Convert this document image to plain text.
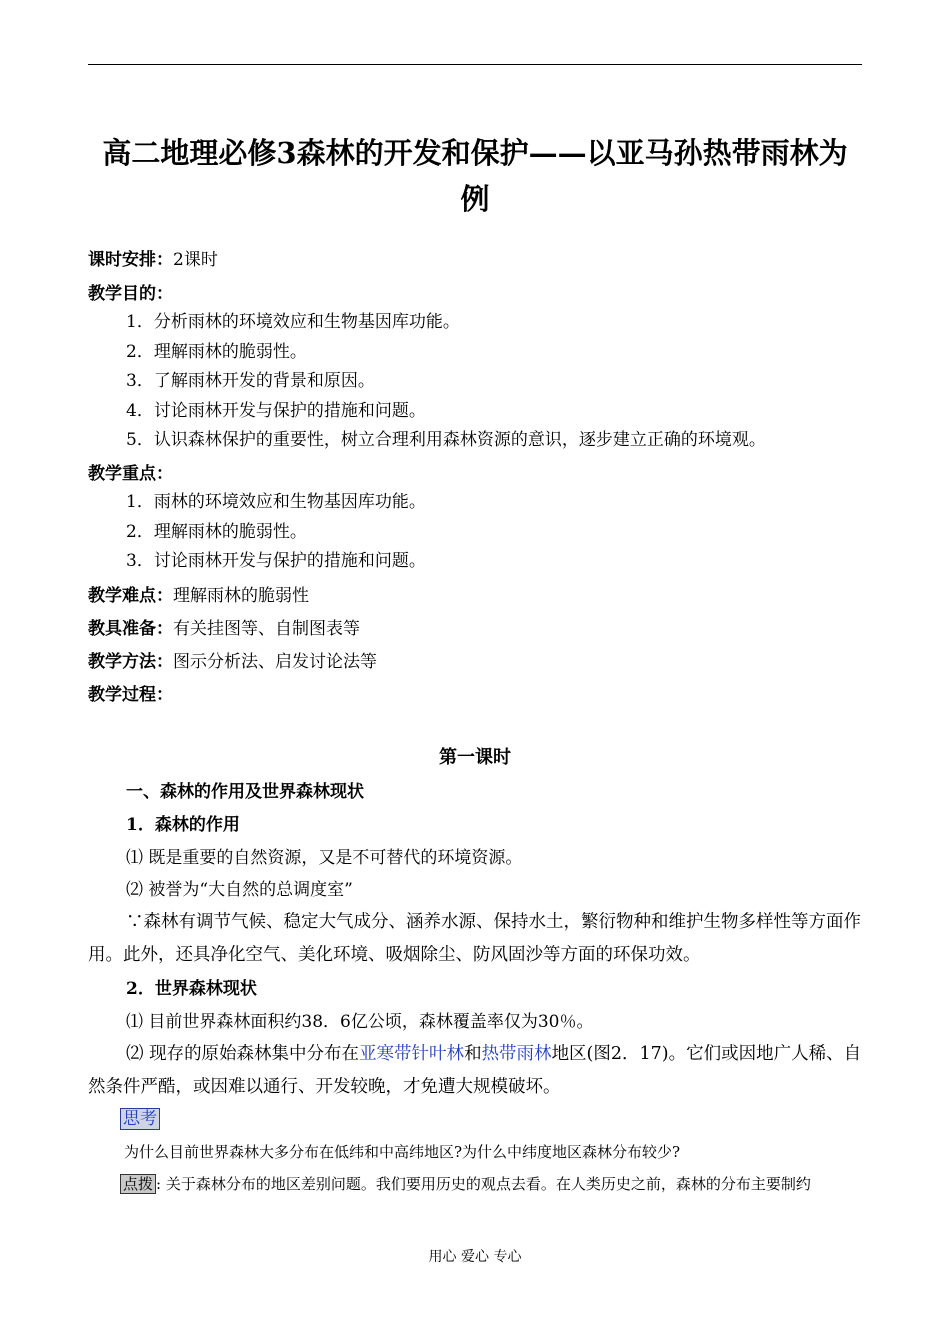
高二地理必修3森林的开发和保护——以亚马孙热带雨林为例
课时安排：2课时
教学目的：
1．分析雨林的环境效应和生物基因库功能。
2．理解雨林的脆弱性。
3．了解雨林开发的背景和原因。
4．讨论雨林开发与保护的措施和问题。
5．认识森林保护的重要性，树立合理利用森林资源的意识，逐步建立正确的环境观。
教学重点：
1．雨林的环境效应和生物基因库功能。
2．理解雨林的脆弱性。
3．讨论雨林开发与保护的措施和问题。
教学难点：理解雨林的脆弱性
教具准备：有关挂图等、自制图表等
教学方法：图示分析法、启发讨论法等
教学过程：
第一课时
一、森林的作用及世界森林现状
1．森林的作用
⑴ 既是重要的自然资源，又是不可替代的环境资源。
⑵ 被誉为“大自然的总调度室”
∵森林有调节气候、稳定大气成分、涵养水源、保持水土，繁衍物种和维护生物多样性等方面作用。此外，还具净化空气、美化环境、吸烟除尘、防风固沙等方面的环保功效。
2．世界森林现状
⑴ 目前世界森林面积约38．6亿公顷，森林覆盖率仅为30％。
⑵ 现存的原始森林集中分布在亚寒带针叶林和热带雨林地区(图2．17)。它们或因地广人稀、自然条件严酷，或因难以通行、开发较晚，才免遭大规模破坏。
思考
为什么目前世界森林大多分布在低纬和中高纬地区?为什么中纬度地区森林分布较少?
点拨 : 关于森林分布的地区差别问题。我们要用历史的观点去看。在人类历史之前，森林的分布主要制约
用心 爱心 专心
